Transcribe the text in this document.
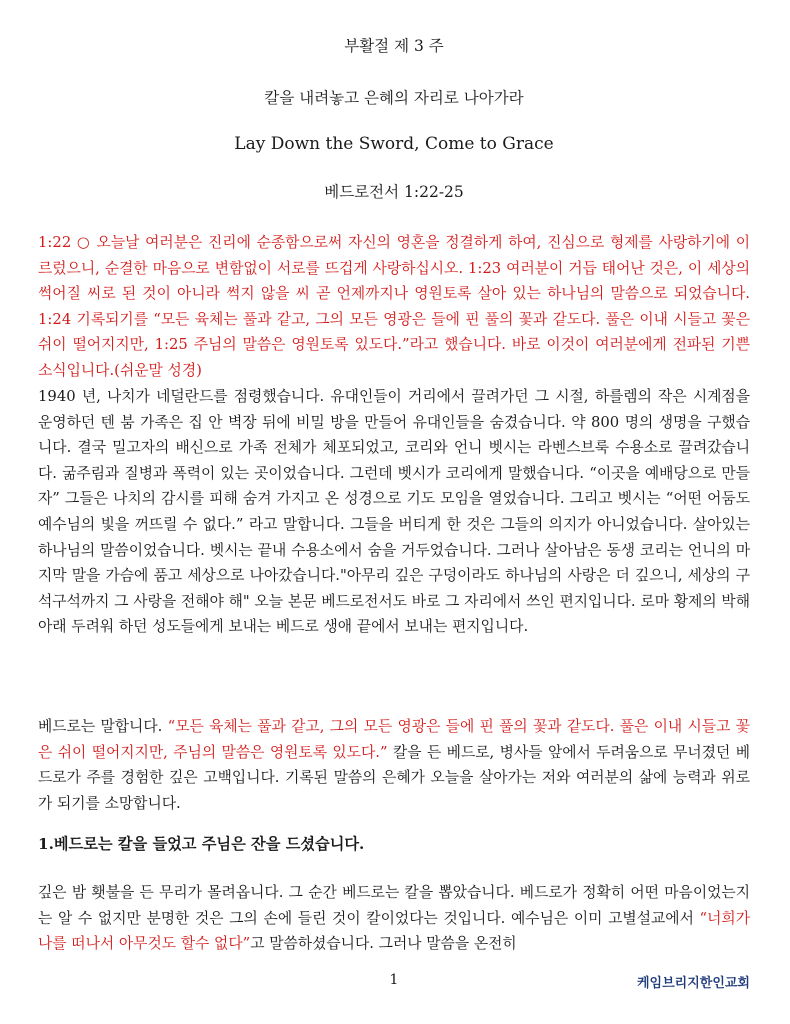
부활절 제 3 주
칼을 내려놓고 은혜의 자리로 나아가라
Lay Down the Sword, Come to Grace
베드로전서 1:22-25

1:22 ○ 오늘날 여러분은 진리에 순종함으로써 자신의 영혼을 정결하게 하여, 진심으로 형제를 사랑하기에 이르렀으니, 순결한 마음으로 변함없이 서로를 뜨겁게 사랑하십시오. 1:23 여러분이 거듭 태어난 것은, 이 세상의 썩어질 씨로 된 것이 아니라 썩지 않을 씨 곧 언제까지나 영원토록 살아 있는 하나님의 말씀으로 되었습니다. 1:24 기록되기를 “모든 육체는 풀과 같고, 그의 모든 영광은 들에 핀 풀의 꽃과 같도다. 풀은 이내 시들고 꽃은 쉬이 떨어지지만, 1:25 주님의 말씀은 영원토록 있도다.”라고 했습니다. 바로 이것이 여러분에게 전파된 기쁜 소식입니다.(쉬운말 성경)

1940 년, 나치가 네덜란드를 점령했습니다. 유대인들이 거리에서 끌려가던 그 시절, 하를렘의 작은 시계점을 운영하던 텐 붐 가족은 집 안 벽장 뒤에 비밀 방을 만들어 유대인들을 숨겼습니다. 약 800 명의 생명을 구했습니다. 결국 밀고자의 배신으로 가족 전체가 체포되었고, 코리와 언니 벳시는 라벤스브룩 수용소로 끌려갔습니다. 굶주림과 질병과 폭력이 있는 곳이었습니다. 그런데 벳시가 코리에게 말했습니다. “이곳을 예배당으로 만들자” 그들은 나치의 감시를 피해 숨겨 가지고 온 성경으로 기도 모임을 열었습니다. 그리고 벳시는 “어떤 어둠도 예수님의 빛을 꺼뜨릴 수 없다.” 라고 말합니다. 그들을 버티게 한 것은 그들의 의지가 아니었습니다. 살아있는 하나님의 말씀이었습니다. 벳시는 끝내 수용소에서 숨을 거두었습니다. 그러나 살아남은 동생 코리는 언니의 마지막 말을 가슴에 품고 세상으로 나아갔습니다."아무리 깊은 구덩이라도 하나님의 사랑은 더 깊으니, 세상의 구석구석까지 그 사랑을 전해야 해" 오늘 본문 베드로전서도 바로 그 자리에서 쓰인 편지입니다. 로마 황제의 박해 아래 두려워 하던 성도들에게 보내는 베드로 생애 끝에서 보내는 편지입니다.

베드로는 말합니다. “모든 육체는 풀과 같고, 그의 모든 영광은 들에 핀 풀의 꽃과 같도다. 풀은 이내 시들고 꽃은 쉬이 떨어지지만, 주님의 말씀은 영원토록 있도다.” 칼을 든 베드로, 병사들 앞에서 두려움으로 무너졌던 베드로가 주를 경험한 깊은 고백입니다. 기록된 말씀의 은혜가 오늘을 살아가는 저와 여러분의 삶에 능력과 위로가 되기를 소망합니다.

1.베드로는 칼을 들었고 주님은 잔을 드셨습니다.

깊은 밤 횃불을 든 무리가 몰려옵니다. 그 순간 베드로는 칼을 뽑았습니다. 베드로가 정확히 어떤 마음이었는지는 알 수 없지만 분명한 것은 그의 손에 들린 것이 칼이었다는 것입니다. 예수님은 이미 고별설교에서 “너희가 나를 떠나서 아무것도 할수 없다”고 말씀하셨습니다. 그러나 말씀을 온전히

1	케임브리지한인교회
